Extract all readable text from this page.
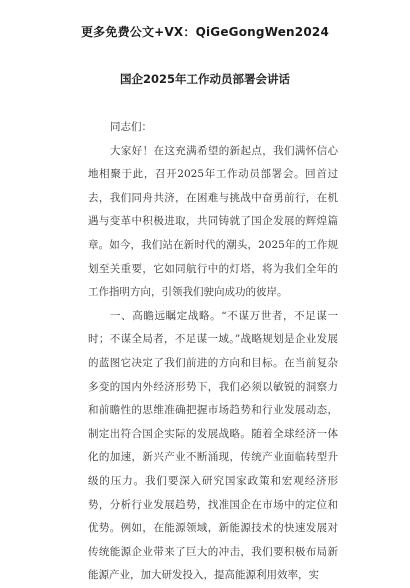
更多免费公文+VX：QiGeGongWen2024
国企2025年工作动员部署会讲话

同志们：

大家好！在这充满希望的新起点，我们满怀信心地相聚于此，召开2025年工作动员部署会。回首过去，我们同舟共济，在困难与挑战中奋勇前行，在机遇与变革中积极进取，共同铸就了国企发展的辉煌篇章。如今，我们站在新时代的潮头，2025年的工作规划至关重要，它如同航行中的灯塔，将为我们全年的工作指明方向，引领我们驶向成功的彼岸。

一、高瞻远瞩定战略。“不谋万世者，不足谋一时；不谋全局者，不足谋一域。”战略规划是企业发展的蓝图它决定了我们前进的方向和目标。在当前复杂多变的国内外经济形势下，我们必须以敏锐的洞察力和前瞻性的思维准确把握市场趋势和行业发展动态，制定出符合国企实际的发展战略。随着全球经济一体化的加速，新兴产业不断涌现，传统产业面临转型升级的压力。我们要深入研究国家政策和宏观经济形势，分析行业发展趋势，找准国企在市场中的定位和优势。例如，在能源领域，新能源技术的快速发展对传统能源企业带来了巨大的冲击，我们要积极布局新能源产业，加大研发投入，提高能源利用效率，实
